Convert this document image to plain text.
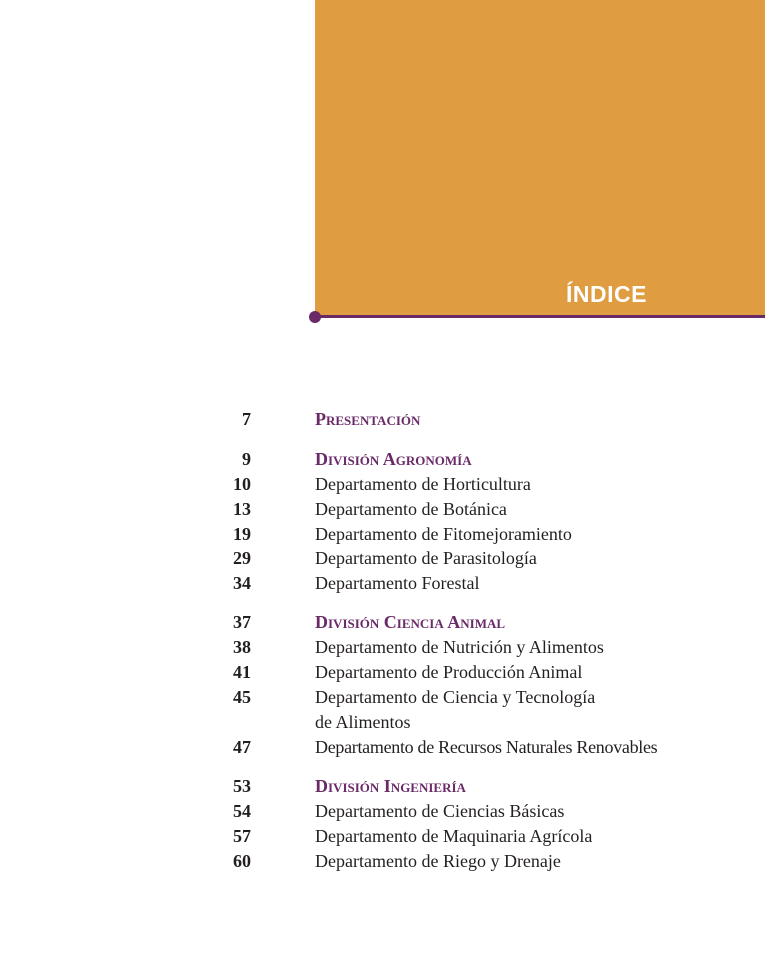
ÍNDICE
7	Presentación
9	División Agronomía
10	Departamento de Horticultura
13	Departamento de Botánica
19	Departamento de Fitomejoramiento
29	Departamento de Parasitología
34	Departamento Forestal
37	División Ciencia Animal
38	Departamento de Nutrición y Alimentos
41	Departamento de Producción Animal
45	Departamento de Ciencia y Tecnología
de Alimentos
47	Departamento de Recursos Naturales Renovables
53	División Ingeniería
54	Departamento de Ciencias Básicas
57	Departamento de Maquinaria Agrícola
60	Departamento de Riego y Drenaje
